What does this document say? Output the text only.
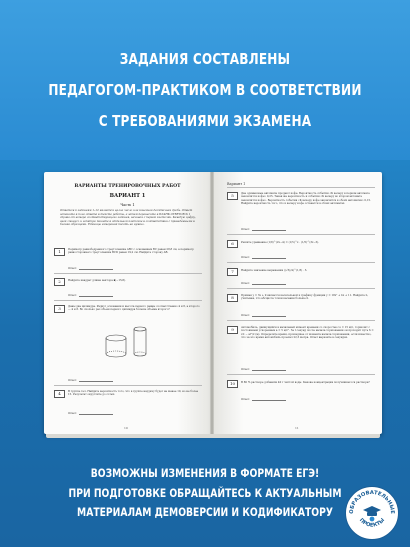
ЗАДАНИЯ СОСТАВЛЕНЫ
ПЕДАГОГОМ-ПРАКТИКОМ В СООТВЕТСТВИИ
С ТРЕБОВАНИЯМИ ЭКЗАМЕНА
ВАРИАНТЫ ТРЕНИРОВОЧНЫХ РАБОТ
ВАРИАНТ 1
Часть 1
Ответом к заданиям 1–12 является целое число или конечная десятичная дробь. Ответ запишите в поле ответа в тексте работы, а затем перенесите в БЛАНК ОТВЕТОВ № 1 справа от номера соответствующего задания, начиная с первой клеточки. Каждую цифру, знак «минус» и запятую пишите в отдельной клеточке в соответствии с приведёнными в бланке образцами. Единицы измерений писать не нужно.
1	Периметр равнобедренного треугольника ABC с основанием BC равен 28,8 см, а периметр равностороннего треугольника BCD равен 19,2 см. Найдите сторону AB.
Ответ:
2	Найдите квадрат длины вектора a⃗(−15;6).
Ответ:
3	Даны два цилиндра. Радиус основания и высота первого равны соответственно 4 и 6, а второго — 4 и 6. Во сколько раз объём первого цилиндра больше объёма второго?
Ответ:
4	В группе тел. Найдите вероятность того, что в группе наудачу будет не менее 10, но не более 15. Результат округлите до сотых.
Ответ:
10
Вариант 1
5	Две одинаковые автоматы продают кофе. Вероятность события «К вечеру в первом автомате закончится кофе» 0,25. Такая же вероятность и события «К вечеру во втором автомате закончится кофе». Вероятность события «К вечеру кофе закончится в обоих автоматах» 0,15. Найдите вероятность того, что к вечеру кофе останется в обоих автоматах.
Ответ:
6	Решите уравнение (1/8)^(2x−4) = (1/5)^x · (1/5)^(3x−5).
Ответ:
7	Найдите значение выражения ((√3)/4)^(1/3) · 3.
Ответ:
8	Прямая y = 3x + 9 является касательной к графику функции y = 18x² + bx + 11. Найдите b, учитывая, что абсцисса точки касания больше 0.
Ответ:
9	Автомобиль, движущийся в начальный момент времени со скоростью v₀ = 15 м/с, тормозит с постоянным ускорением a = 5 м/с². За t секунд после начала торможения он проходит путь S = v₀t − at²/2 (м). Определите время, прошедшее от момента начала торможения, если известно, что за это время автомобиль проехал 22,5 метра. Ответ выразите в секундах.
Ответ:
10	В 80 % растворе добавили 40 г чистой воды. Какова концентрация получившегося раствора?
Ответ:
11
ВОЗМОЖНЫ ИЗМЕНЕНИЯ В ФОРМАТЕ ЕГЭ!
ПРИ ПОДГОТОВКЕ ОБРАЩАЙТЕСЬ К АКТУАЛЬНЫМ
МАТЕРИАЛАМ ДЕМОВЕРСИИ И КОДИФИКАТОРУ	ОБРАЗОВАТЕЛЬНЫЕ
ПРОЕКТЫ
